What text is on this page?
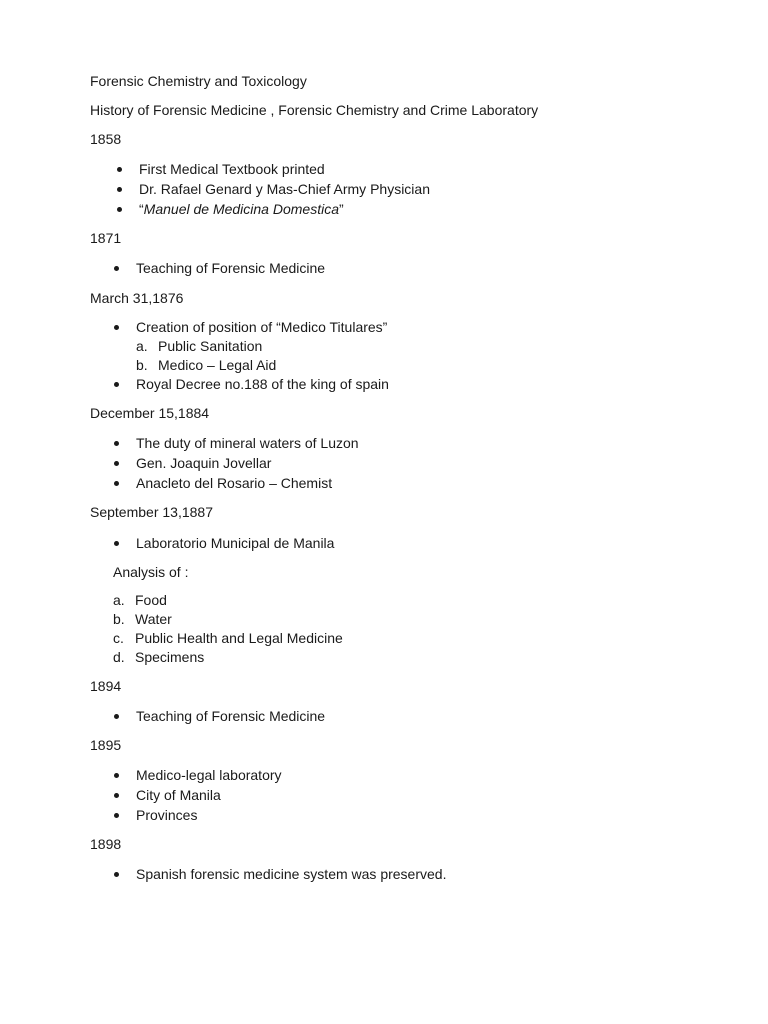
Forensic Chemistry and Toxicology
History of Forensic Medicine , Forensic Chemistry and Crime Laboratory
1858
First Medical Textbook printed
Dr. Rafael Genard y Mas-Chief Army Physician
“Manuel de Medicina Domestica”
1871
Teaching of Forensic Medicine
March 31,1876
Creation of position of “Medico Titulares”
a. Public Sanitation
b. Medico – Legal Aid
Royal Decree no.188 of the king of spain
December 15,1884
The duty of mineral waters of Luzon
Gen. Joaquin Jovellar
Anacleto del Rosario – Chemist
September 13,1887
Laboratorio Municipal de Manila
Analysis of :
a. Food
b. Water
c. Public Health and Legal Medicine
d. Specimens
1894
Teaching of Forensic Medicine
1895
Medico-legal laboratory
City of Manila
Provinces
1898
Spanish forensic medicine system was preserved.
